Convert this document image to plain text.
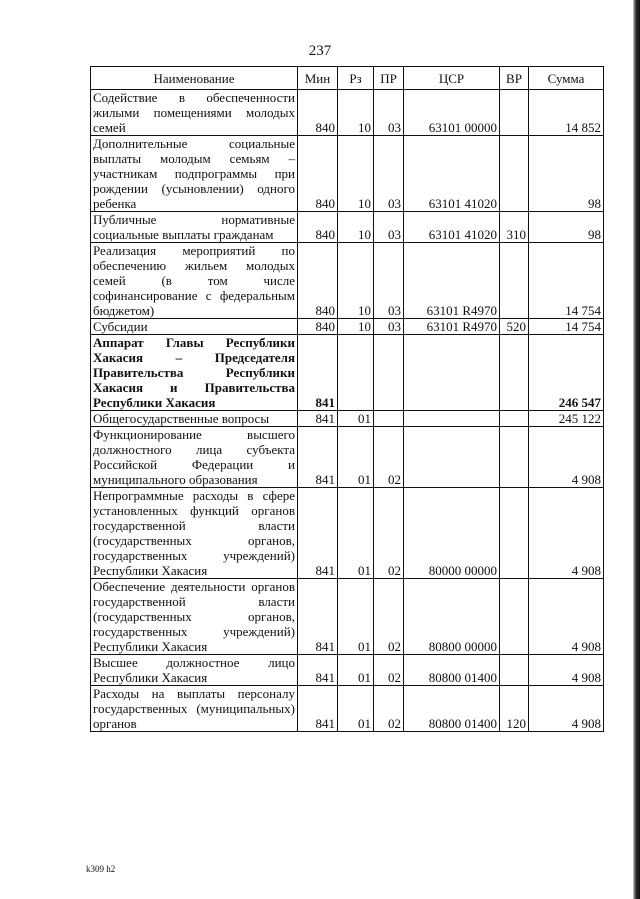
237
Наименование	Мин	Рз	ПР	ЦСР	ВР	Сумма
Содействие в обеспеченности жилыми помещениями молодых семей	840	10	03	63101 00000		14 852
Дополнительные социальные выплаты молодым семьям – участникам подпрограммы при рождении (усыновлении) одного ребенка	840	10	03	63101 41020		98
Публичные нормативные социальные выплаты гражданам	840	10	03	63101 41020	310	98
Реализация мероприятий по обеспечению жильем молодых семей (в том числе софинансирование с федеральным бюджетом)	840	10	03	63101 R4970		14 754
Субсидии	840	10	03	63101 R4970	520	14 754
Аппарат Главы Республики Хакасия – Председателя Правительства Республики Хакасия и Правительства Республики Хакасия	841					246 547
Общегосударственные вопросы	841	01				245 122
Функционирование высшего должностного лица субъекта Российской Федерации и муниципального образования	841	01	02			4 908
Непрограммные расходы в сфере установленных функций органов государственной власти (государственных органов, государственных учреждений) Республики Хакасия	841	01	02	80000 00000		4 908
Обеспечение деятельности органов государственной власти (государственных органов, государственных учреждений) Республики Хакасия	841	01	02	80800 00000		4 908
Высшее должностное лицо Республики Хакасия	841	01	02	80800 01400		4 908
Расходы на выплаты персоналу государственных (муниципальных) органов	841	01	02	80800 01400	120	4 908
k309 h2
